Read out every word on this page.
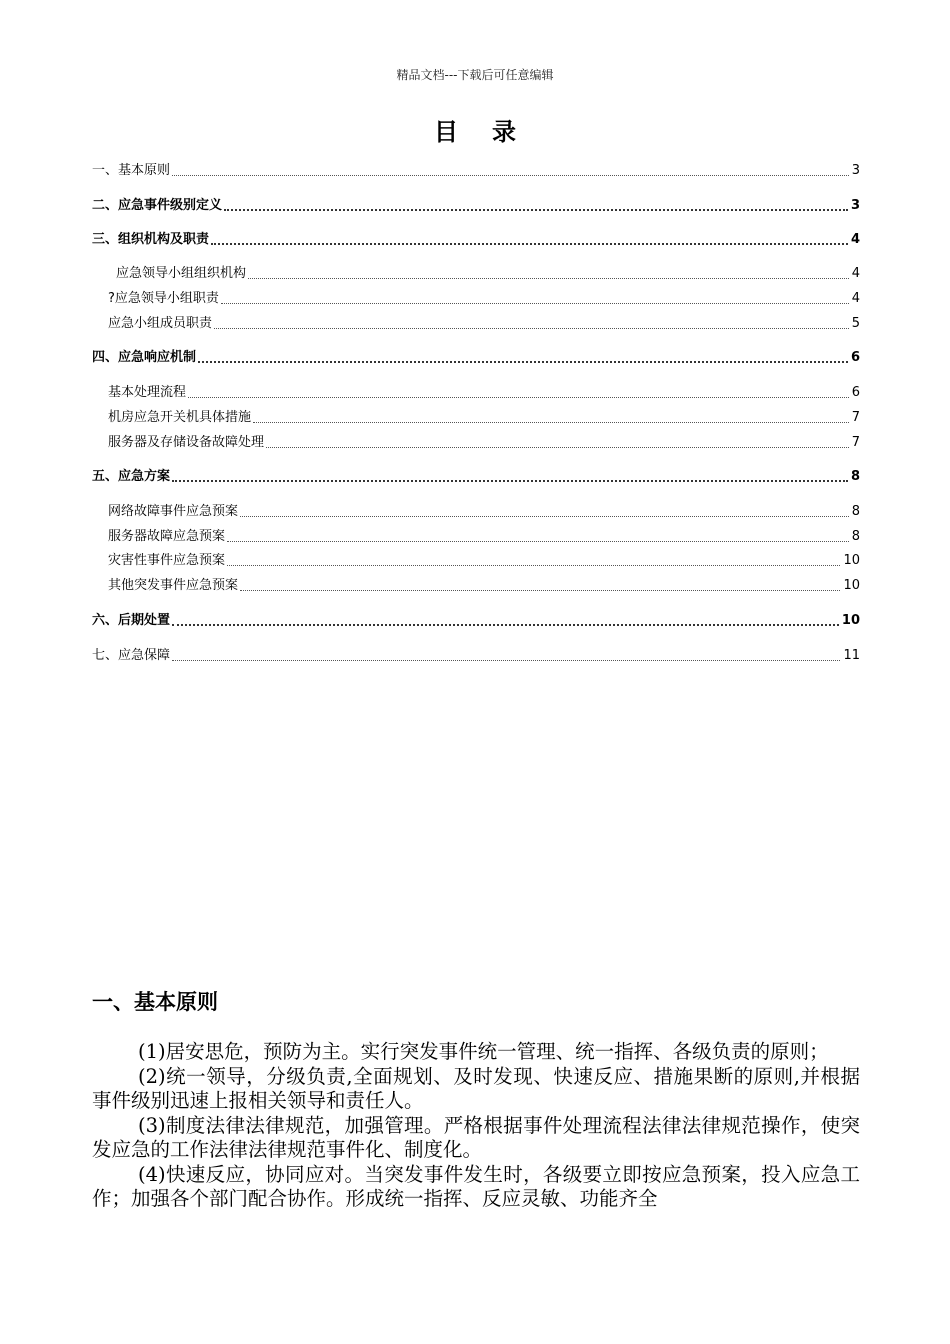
精品文档---下载后可任意编辑
目录
一、基本原则	3
二、应急事件级别定义	3
三、组织机构及职责	4
应急领导小组组织机构	4
?应急领导小组职责	4
应急小组成员职责	5
四、应急响应机制	6
基本处理流程	6
机房应急开关机具体措施	7
服务器及存储设备故障处理	7
五、应急方案	8
网络故障事件应急预案	8
服务器故障应急预案	8
灾害性事件应急预案	10
其他突发事件应急预案	10
六、后期处置	10
七、应急保障	11
一、基本原则

(1)居安思危，预防为主。实行突发事件统一管理、统一指挥、各级负责的原则；

(2)统一领导，分级负责,全面规划、及时发现、快速反应、措施果断的原则,并根据事件级别迅速上报相关领导和责任人。

(3)制度法律法律规范，加强管理。严格根据事件处理流程法律法律规范操作，使突发应急的工作法律法律规范事件化、制度化。

(4)快速反应，协同应对。当突发事件发生时，各级要立即按应急预案，投入应急工作；加强各个部门配合协作。形成统一指挥、反应灵敏、功能齐全
